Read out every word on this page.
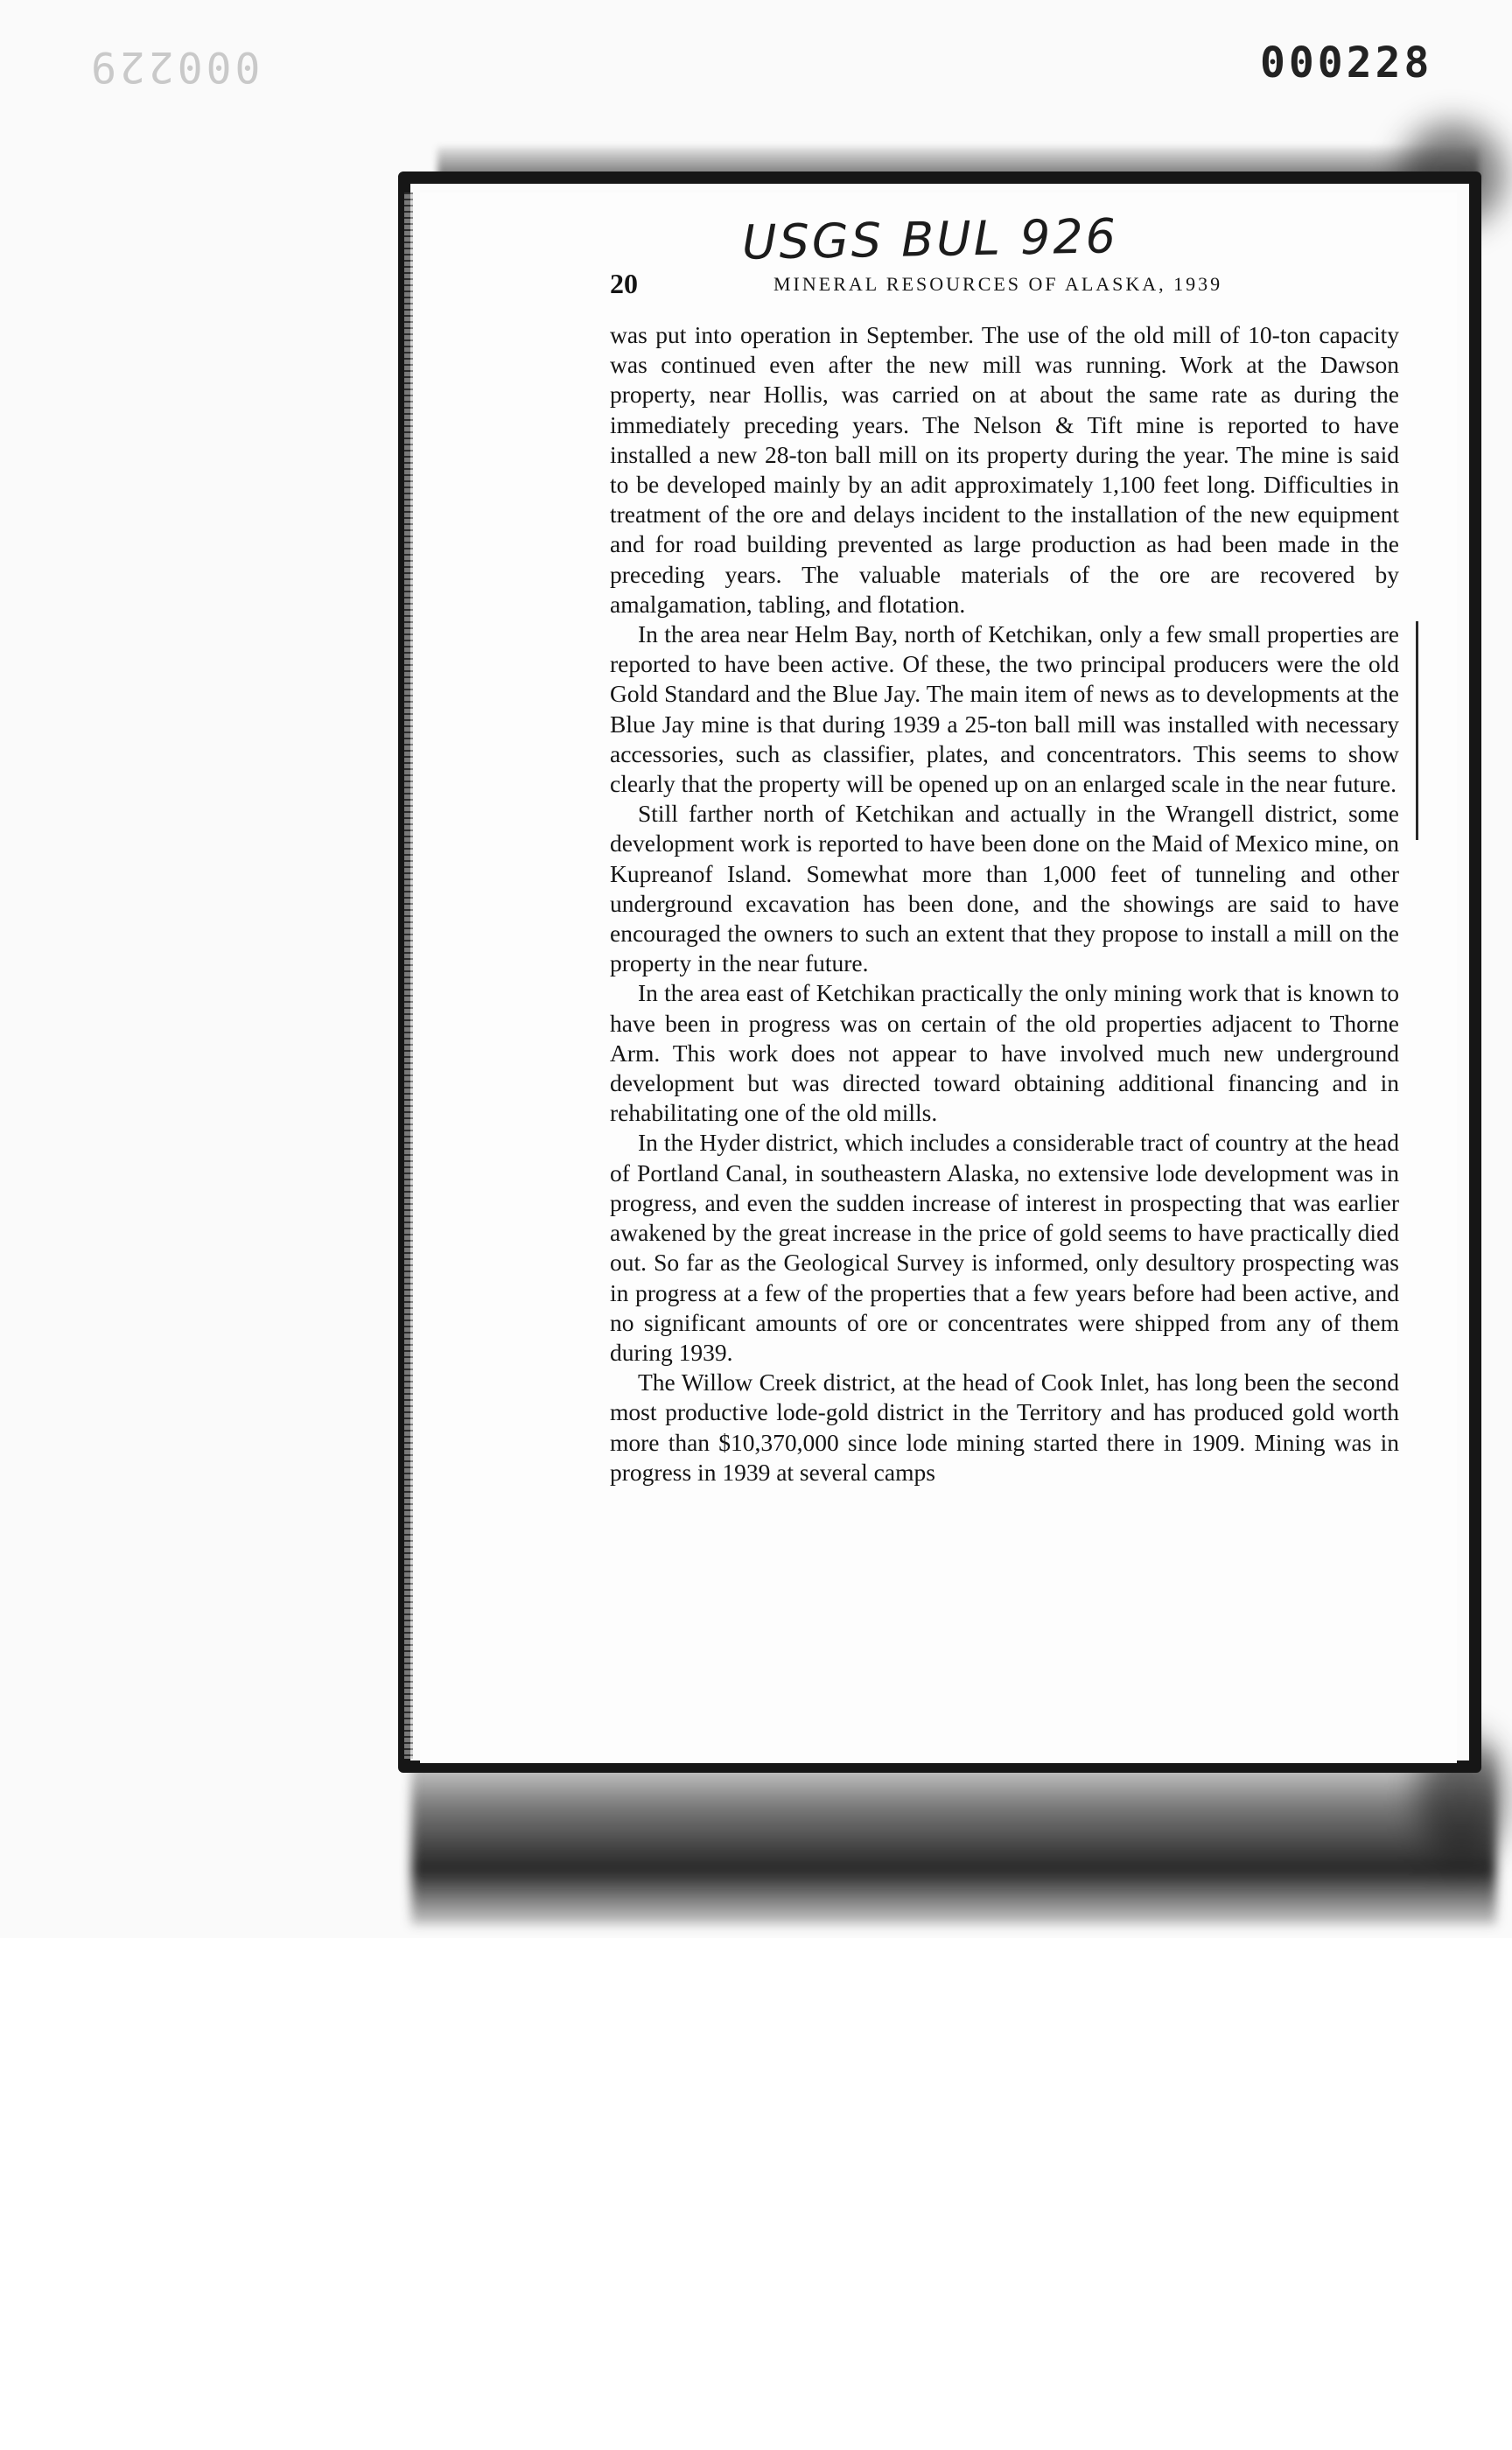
000229	000228
USGS BUL 926
20	MINERAL RESOURCES OF ALASKA, 1939

was put into operation in September. The use of the old mill of 10-ton capacity was continued even after the new mill was running. Work at the Dawson property, near Hollis, was carried on at about the same rate as during the immediately preceding years. The Nelson & Tift mine is reported to have installed a new 28-ton ball mill on its property during the year. The mine is said to be developed mainly by an adit approximately 1,100 feet long. Difficulties in treatment of the ore and delays incident to the installation of the new equipment and for road building prevented as large production as had been made in the preceding years. The valuable materials of the ore are recovered by amalgamation, tabling, and flotation.

In the area near Helm Bay, north of Ketchikan, only a few small properties are reported to have been active. Of these, the two principal producers were the old Gold Standard and the Blue Jay. The main item of news as to developments at the Blue Jay mine is that during 1939 a 25-ton ball mill was installed with necessary accessories, such as classifier, plates, and concentrators. This seems to show clearly that the property will be opened up on an enlarged scale in the near future.

Still farther north of Ketchikan and actually in the Wrangell district, some development work is reported to have been done on the Maid of Mexico mine, on Kupreanof Island. Somewhat more than 1,000 feet of tunneling and other underground excavation has been done, and the showings are said to have encouraged the owners to such an extent that they propose to install a mill on the property in the near future.

In the area east of Ketchikan practically the only mining work that is known to have been in progress was on certain of the old properties adjacent to Thorne Arm. This work does not appear to have involved much new underground development but was directed toward obtaining additional financing and in rehabilitating one of the old mills.

In the Hyder district, which includes a considerable tract of country at the head of Portland Canal, in southeastern Alaska, no extensive lode development was in progress, and even the sudden increase of interest in prospecting that was earlier awakened by the great increase in the price of gold seems to have practically died out. So far as the Geological Survey is informed, only desultory prospecting was in progress at a few of the properties that a few years before had been active, and no significant amounts of ore or concentrates were shipped from any of them during 1939.

The Willow Creek district, at the head of Cook Inlet, has long been the second most productive lode-gold district in the Territory and has produced gold worth more than $10,370,000 since lode mining started there in 1909. Mining was in progress in 1939 at several camps
